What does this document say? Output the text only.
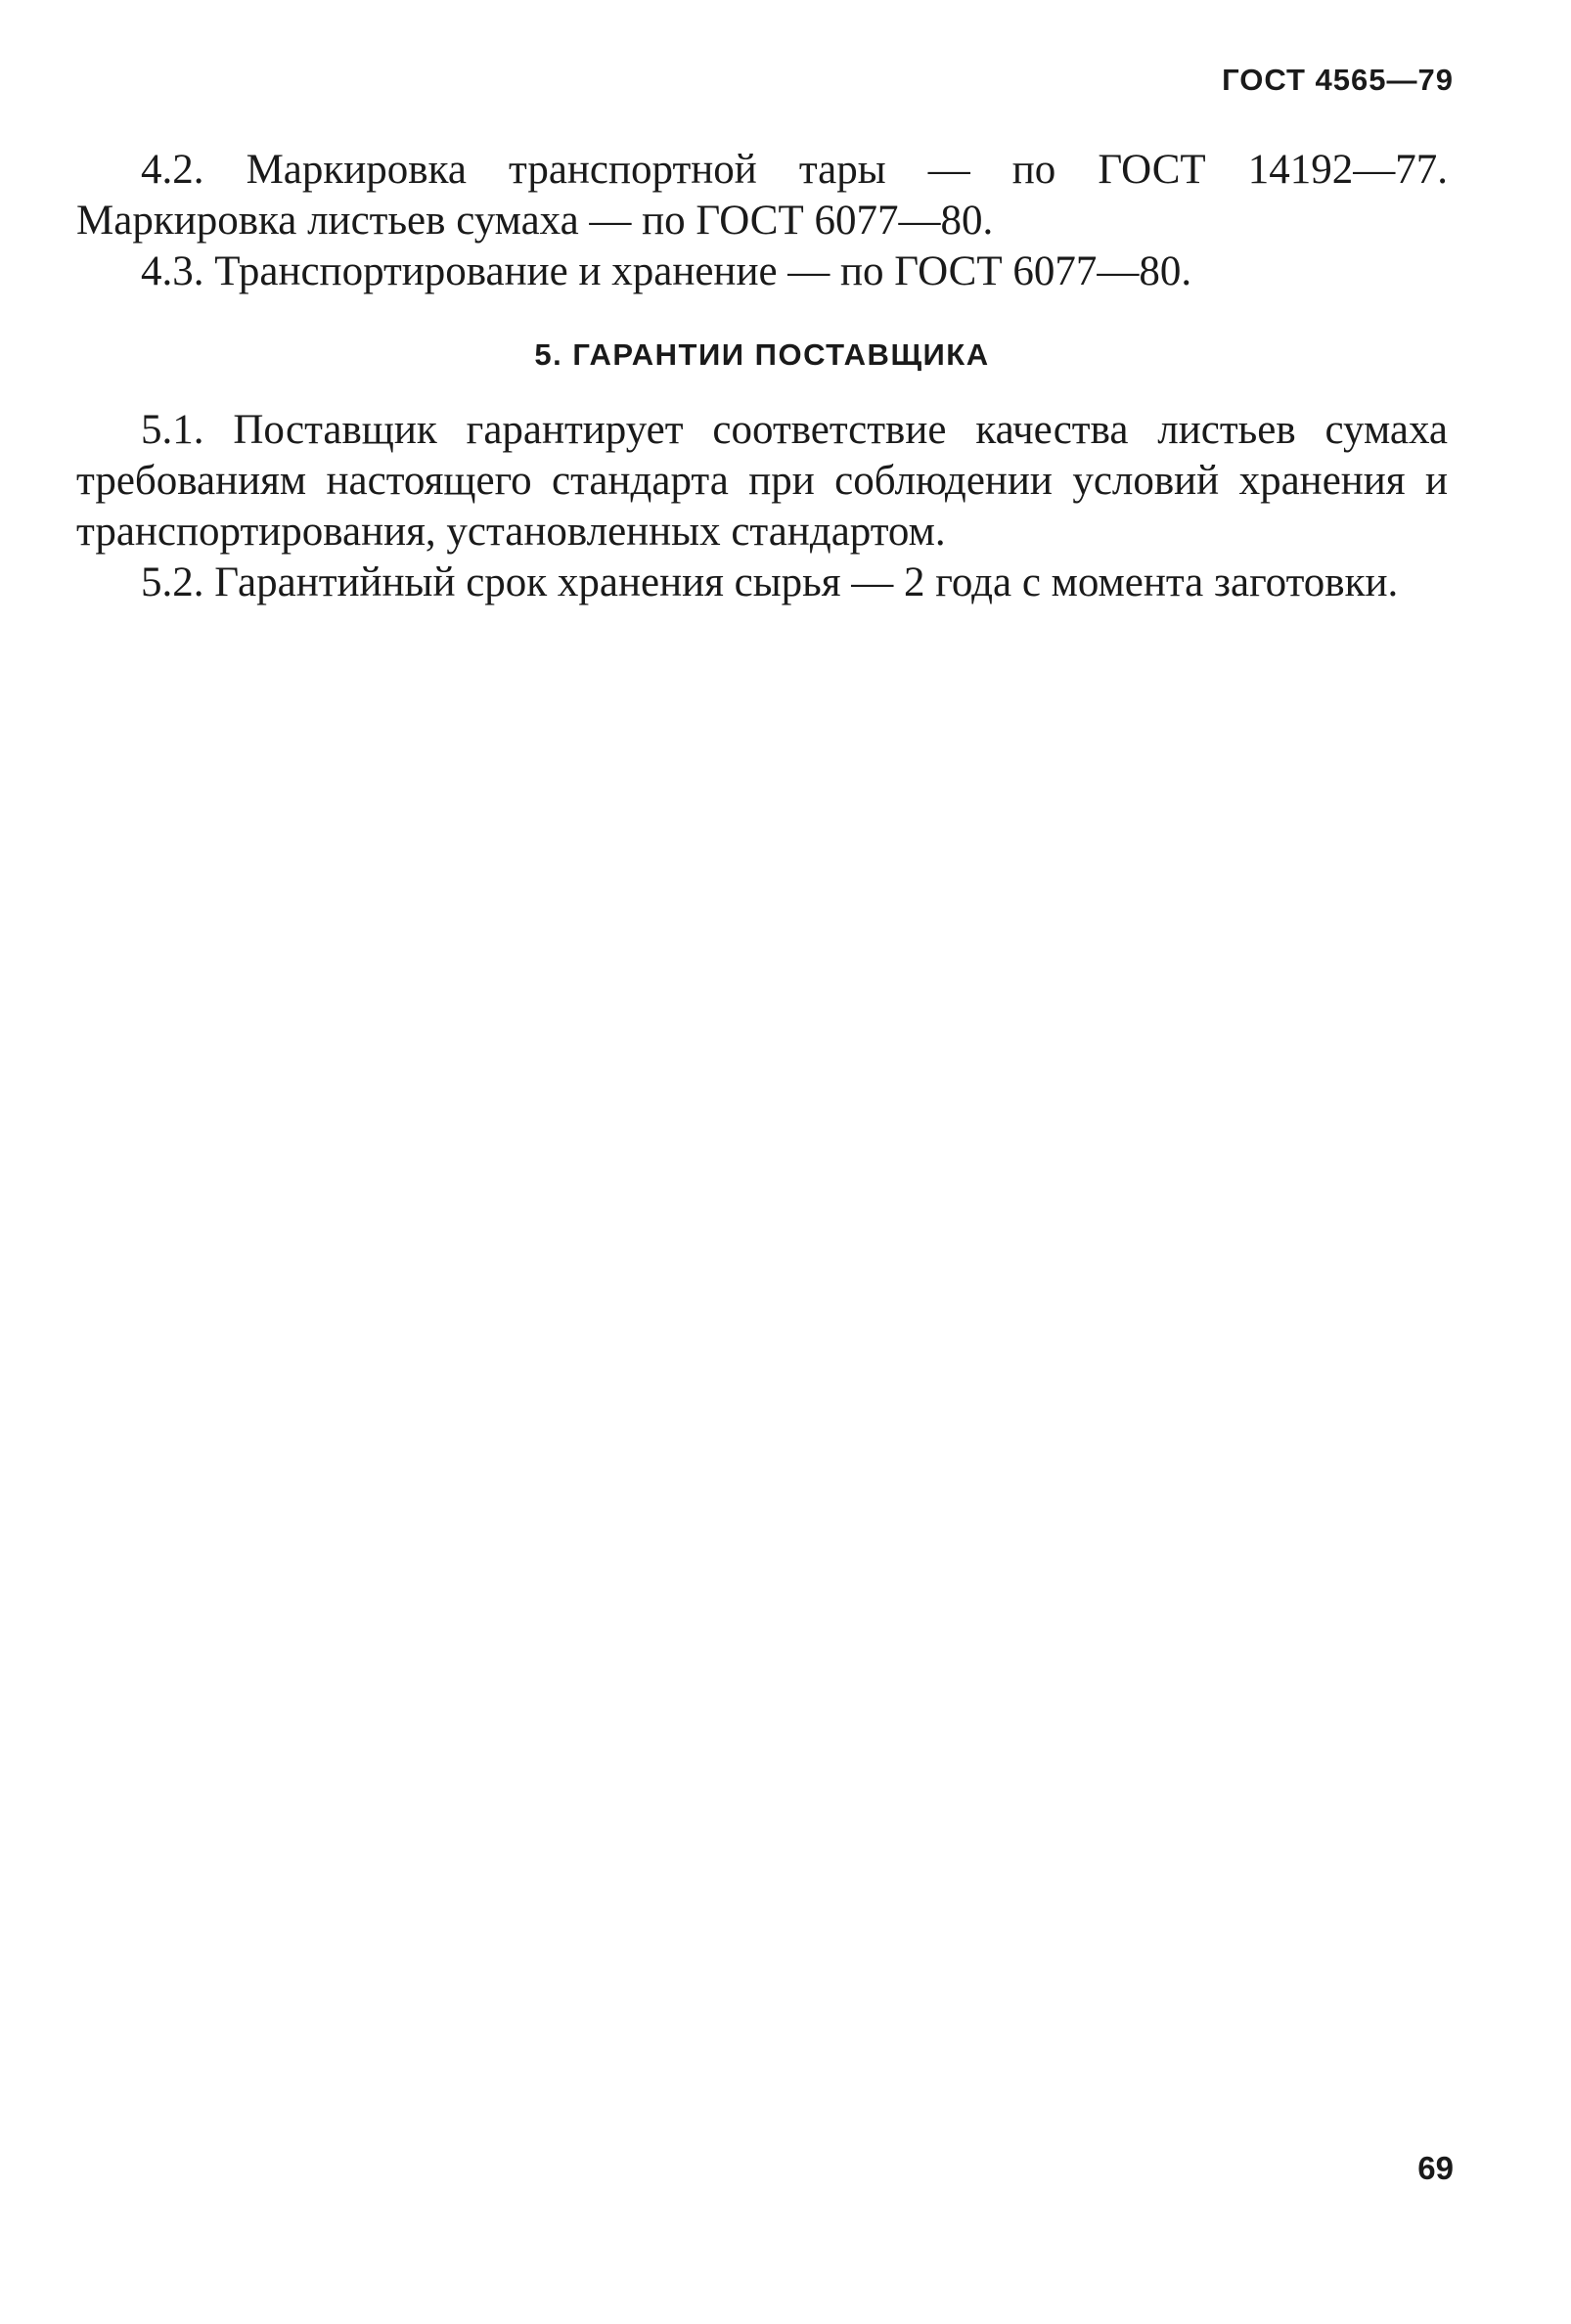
ГОСТ 4565—79

4.2. Маркировка транспортной тары — по ГОСТ 14192—77. Маркировка листьев сумаха — по ГОСТ 6077—80.

4.3. Транспортирование и хранение — по ГОСТ 6077—80.

5. ГАРАНТИИ ПОСТАВЩИКА

5.1. Поставщик гарантирует соответствие качества листьев сумаха требованиям настоящего стандарта при соблюдении условий хранения и транспортирования, установленных стандартом.

5.2. Гарантийный срок хранения сырья — 2 года с момента заготовки.

69
